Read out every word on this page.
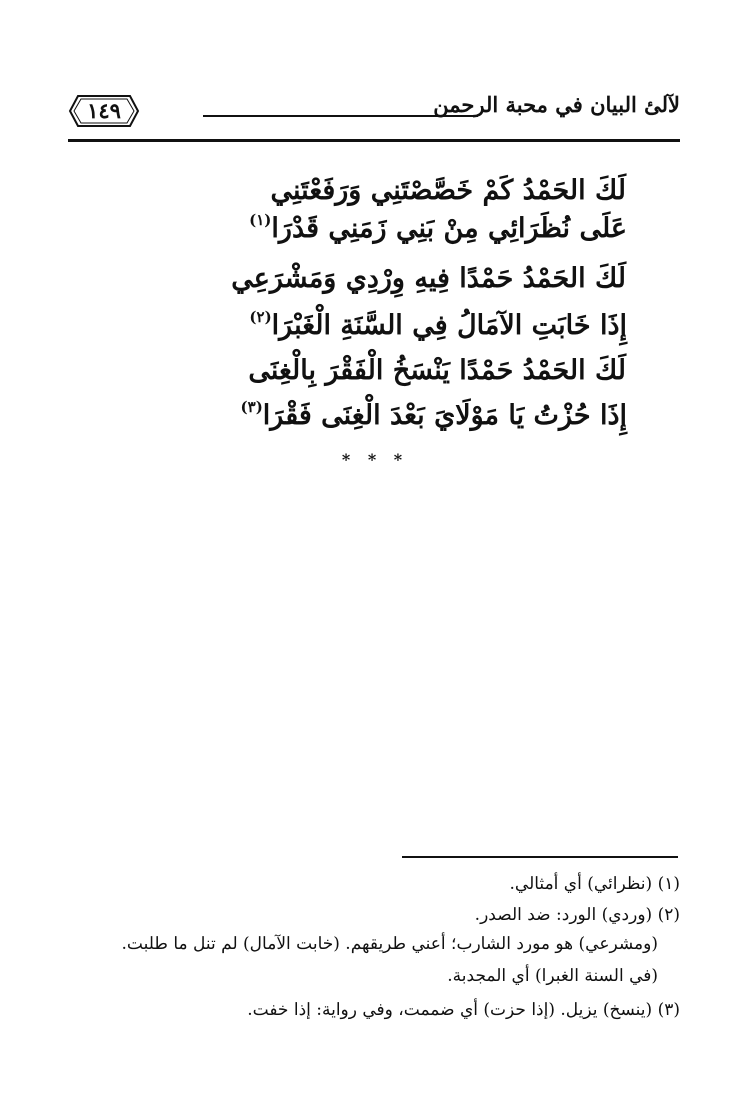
١٤٩	لآلئ البيان في محبة الرحمن
لَكَ الحَمْدُ كَمْ خَصَّصْتَنِي وَرَفَعْتَنِي
عَلَى نُظَرَائِي مِنْ بَنِي زَمَنِي قَدْرَا$^{(١)}$
لَكَ الحَمْدُ حَمْدًا فِيهِ وِرْدِي وَمَشْرَعِي
إِذَا خَابَتِ الآمَالُ فِي السَّنَةِ الْغَبْرَا$^{(٢)}$
لَكَ الحَمْدُ حَمْدًا يَنْسَخُ الْفَقْرَ بِالْغِنَى
إِذَا حُزْتُ يَا مَوْلَايَ بَعْدَ الْغِنَى فَقْرَا$^{(٣)}$
* * *
(١) (نظرائي) أي أمثالي.
(٢) (وردي) الورد: ضد الصدر.
(ومشرعي) هو مورد الشارب؛ أعني طريقهم. (خابت الآمال) لم تنل ما طلبت.
(في السنة الغبرا) أي المجدبة.
(٣) (ينسخ) يزيل. (إذا حزت) أي ضممت، وفي رواية: إذا خفت.
